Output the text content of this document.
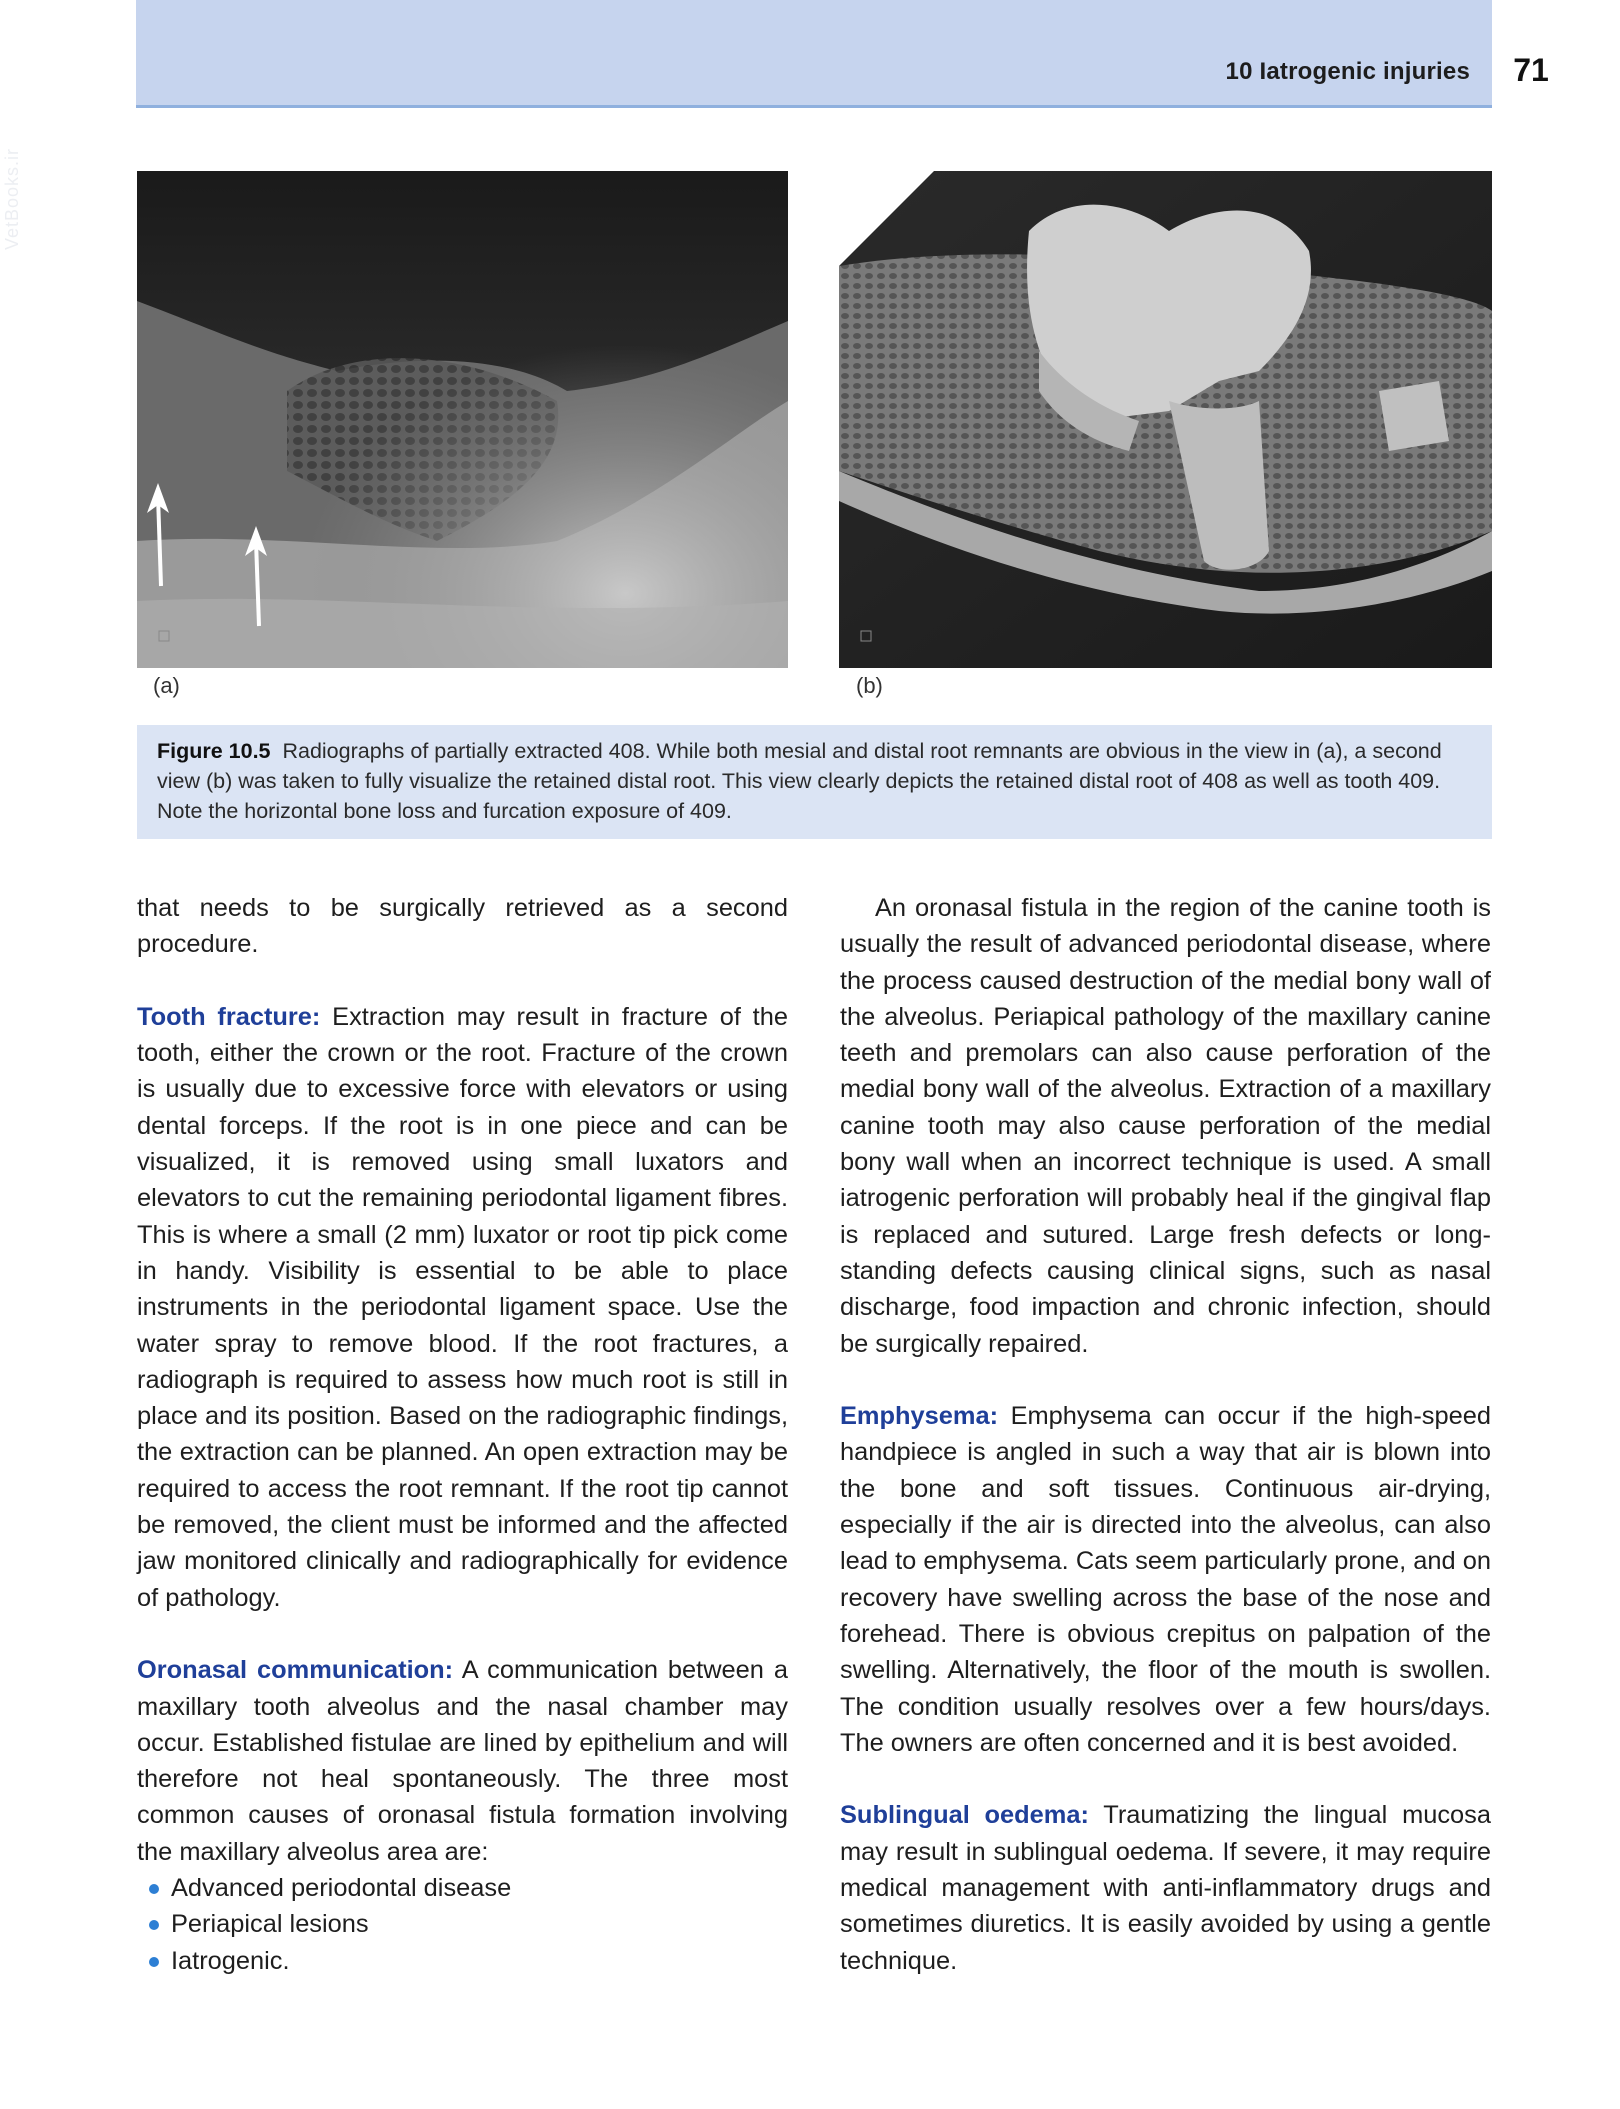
10 Iatrogenic injuries	71
VetBooks.ir
(a)	(b)
Figure 10.5 Radiographs of partially extracted 408. While both mesial and distal root remnants are obvious in the view in (a), a second view (b) was taken to fully visualize the retained distal root. This view clearly depicts the retained distal root of 408 as well as tooth 409. Note the horizontal bone loss and furcation exposure of 409.

that needs to be surgically retrieved as a second procedure.

Tooth fracture: Extraction may result in fracture of the tooth, either the crown or the root. Fracture of the crown is usually due to excessive force with elevators or using dental forceps. If the root is in one piece and can be visualized, it is removed using small luxators and elevators to cut the remaining periodontal ligament fibres. This is where a small (2 mm) luxator or root tip pick come in handy. Visibility is essential to be able to place instruments in the periodontal ligament space. Use the water spray to remove blood. If the root fractures, a radiograph is required to assess how much root is still in place and its position. Based on the radiographic findings, the extraction can be planned. An open extraction may be required to access the root remnant. If the root tip cannot be removed, the client must be informed and the affected jaw monitored clinically and radiographically for evidence of pathology.

Oronasal communication: A communication between a maxillary tooth alveolus and the nasal chamber may occur. Established fistulae are lined by epithelium and will therefore not heal spontaneously. The three most common causes of oronasal fistula formation involving the maxillary alveolus area are:

Advanced periodontal disease
Periapical lesions
Iatrogenic.

An oronasal fistula in the region of the canine tooth is usually the result of advanced periodontal disease, where the process caused destruction of the medial bony wall of the alveolus. Periapical pathology of the maxillary canine teeth and premolars can also cause perforation of the medial bony wall of the alveolus. Extraction of a maxillary canine tooth may also cause perforation of the medial bony wall when an incorrect technique is used. A small iatrogenic perforation will probably heal if the gingival flap is replaced and sutured. Large fresh defects or long-standing defects causing clinical signs, such as nasal discharge, food impaction and chronic infection, should be surgically repaired.

Emphysema: Emphysema can occur if the high-speed handpiece is angled in such a way that air is blown into the bone and soft tissues. Continuous air-drying, especially if the air is directed into the alveolus, can also lead to emphysema. Cats seem particularly prone, and on recovery have swelling across the base of the nose and forehead. There is obvious crepitus on palpation of the swelling. Alternatively, the floor of the mouth is swollen. The condition usually resolves over a few hours/days. The owners are often concerned and it is best avoided.

Sublingual oedema: Traumatizing the lingual mucosa may result in sublingual oedema. If severe, it may require medical management with anti-inflammatory drugs and sometimes diuretics. It is easily avoided by using a gentle technique.
